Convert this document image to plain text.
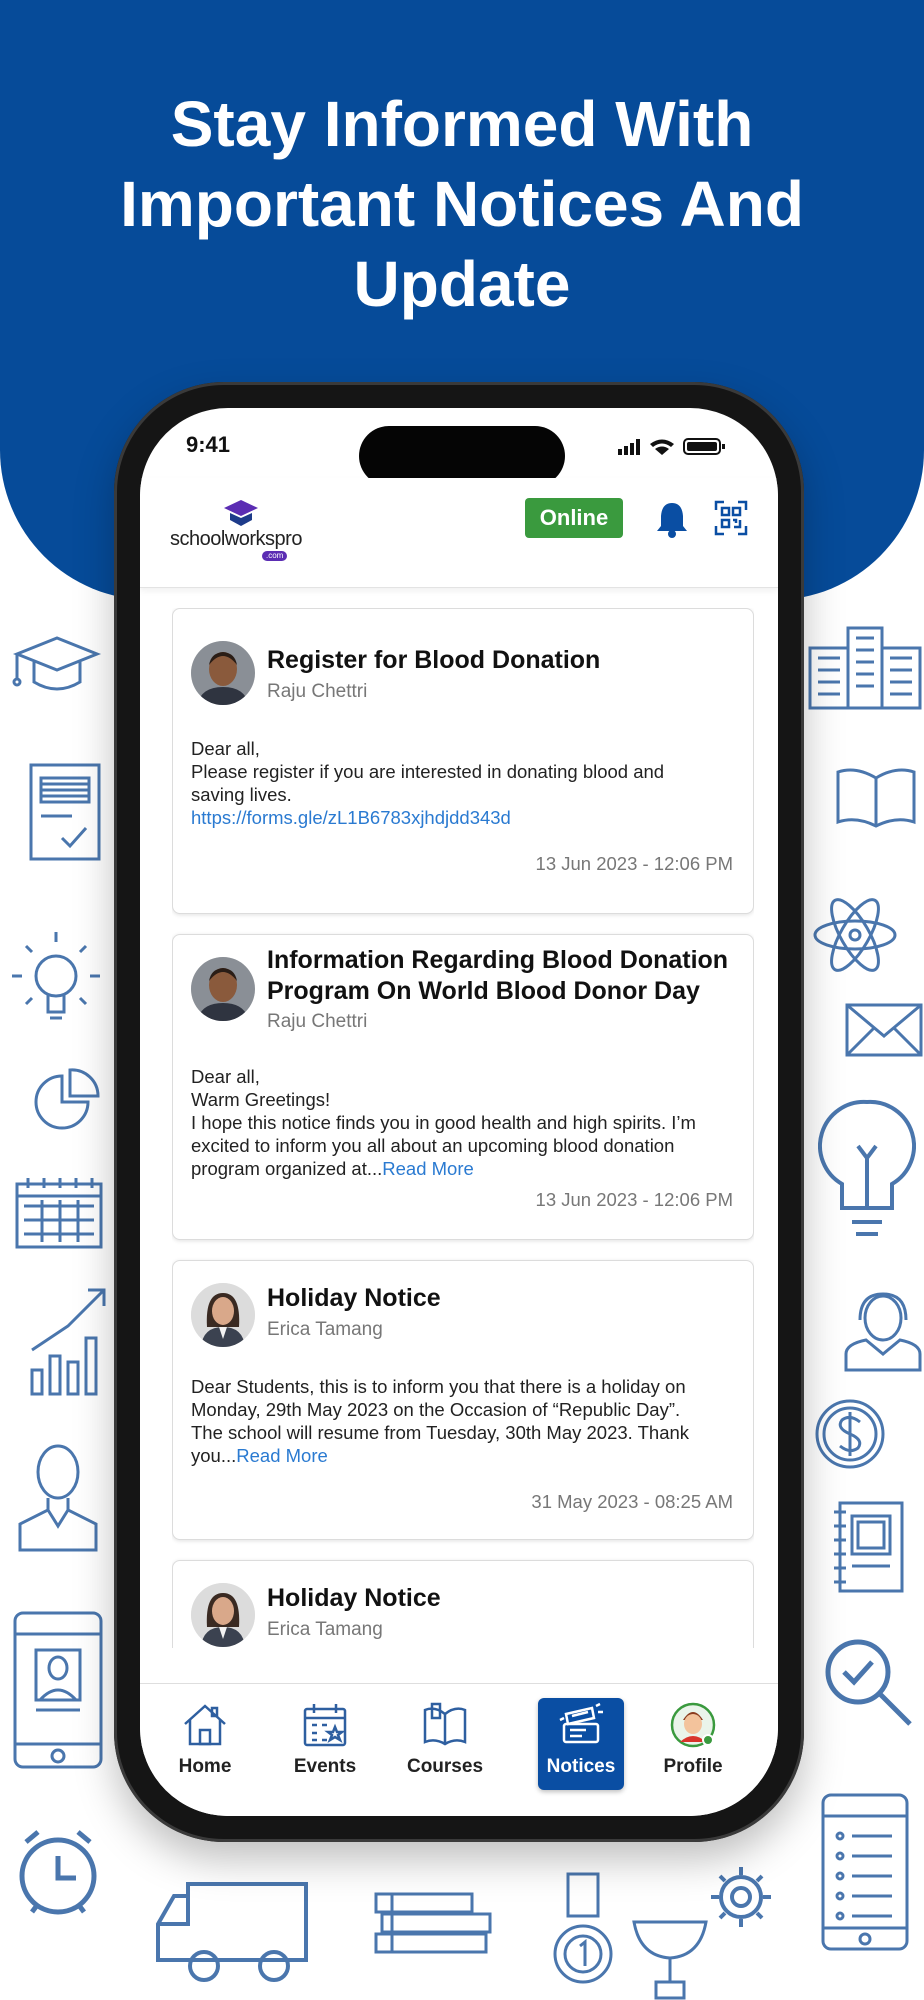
Stay Informed With
Important Notices And
Update
9:41
schoolworkspro
.com
Online
Register for Blood Donation
Raju Chettri
Dear all,
Please register if you are interested in donating blood and
saving lives.
https://forms.gle/zL1B6783xjhdjdd343d
13 Jun 2023 - 12:06 PM
Information Regarding Blood Donation Program On World Blood Donor Day
Raju Chettri
Dear all,
Warm Greetings!
I hope this notice finds you in good health and high spirits. I’m
excited to inform you all about an upcoming blood donation
program organized at...Read More
13 Jun 2023 - 12:06 PM
Holiday Notice
Erica Tamang
Dear Students, this is to inform you that there is a holiday on
Monday, 29th May 2023 on the Occasion of “Republic Day”.
The school will resume from Tuesday, 30th May 2023. Thank
you...Read More
31 May 2023 - 08:25 AM
Holiday Notice
Erica Tamang
Home	Events	Courses	Notices	Profile
